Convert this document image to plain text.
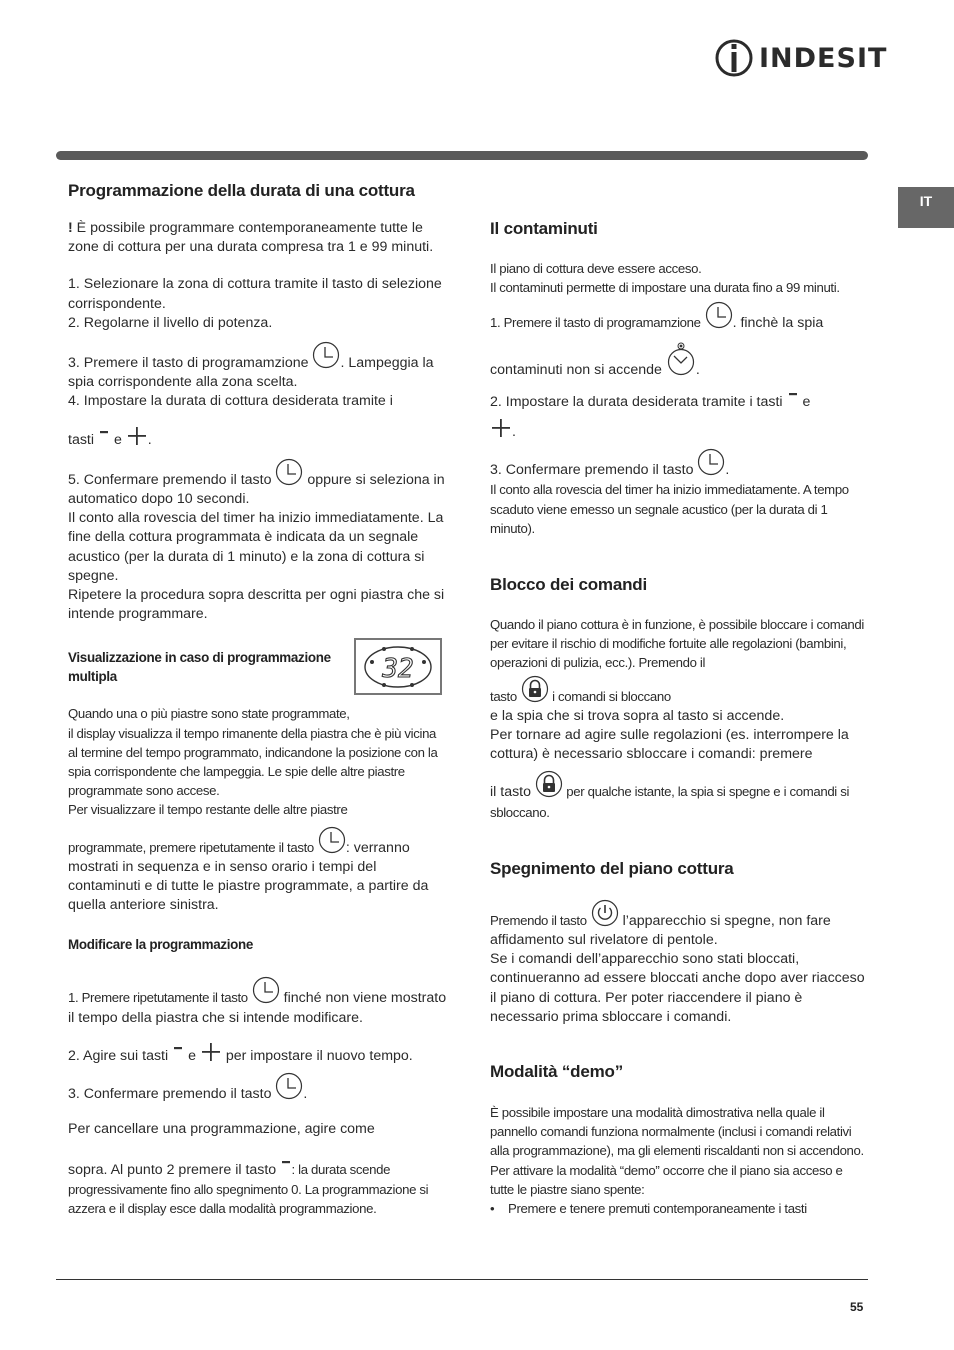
INDESIT
IT
Programmazione della durata di una cottura

! È possibile programmare contemporaneamente tutte le zone di cottura per una durata compresa tra 1 e 99 minuti.

1. Selezionare la zona di cottura tramite il tasto di selezione corrispondente.

2. Regolarne il livello di potenza.

3. Premere il tasto di programamzione . Lampeggia la spia corrispondente alla zona scelta.

4. Impostare la durata di cottura desiderata tramite i

tasti e .

5. Confermare premendo il tasto
oppure si seleziona in automatico dopo 10 secondi.

Il conto alla rovescia del timer ha inizio immediatamente. La fine della cottura programmata è indicata da un segnale acustico (per la durata di 1 minuto) e la zona di cottura si spegne.

Ripetere la procedura sopra descritta per ogni piastra che si intende programmare.

Visualizzazione in caso di programmazione multipla

Quando una o più piastre sono state programmate,

il display visualizza il tempo rimanente della piastra che è più vicina al termine del tempo programmato, indicandone la posizione con la spia corrispondente che lampeggia. Le spie delle altre piastre programmate sono accese.

Per visualizzare il tempo restante delle altre piastre

programmate, premere ripetutamente il tasto : verranno mostrati in sequenza e in senso orario i tempi del contaminuti e di tutte le piastre programmate, a partire da quella anteriore sinistra.

Modificare la programmazione

1. Premere ripetutamente il tasto
finché non viene mostrato il tempo della piastra che si intende modificare.

2. Agire sui tasti e
per impostare il nuovo tempo.

3. Confermare premendo il tasto .

Per cancellare una programmazione, agire come

sopra. Al punto 2 premere il tasto : la durata scende progressivamente fino allo spegnimento 0. La programmazione si azzera e il display esce dalla modalità programmazione.

32
Il contaminuti

Il piano di cottura deve essere acceso.

Il contaminuti permette di impostare una durata fino a 99 minuti.

1. Premere il tasto di programamzione . finchè la spia

contaminuti non si accende .

2. Impostare la durata desiderata tramite i tasti e

.

3. Confermare premendo il tasto .

Il conto alla rovescia del timer ha inizio immediatamente. A tempo scaduto viene emesso un segnale acustico (per la durata di 1 minuto).

Blocco dei comandi

Quando il piano cottura è in funzione, è possibile bloccare i comandi per evitare il rischio di modifiche fortuite alle regolazioni (bambini, operazioni di pulizia, ecc.). Premendo il

tasto
i comandi si bloccano

e la spia che si trova sopra al tasto si accende.

Per tornare ad agire sulle regolazioni (es. interrompere la cottura) è necessario sbloccare i comandi: premere

il tasto
per qualche istante, la spia si spegne e i comandi si sbloccano.

Spegnimento del piano cottura

Premendo il tasto
l’apparecchio si spegne, non fare affidamento sul rivelatore di pentole.

Se i comandi dell’apparecchio sono stati bloccati, continueranno ad essere bloccati anche dopo aver riacceso il piano di cottura. Per poter riaccendere il piano è necessario prima sbloccare i comandi.

Modalità “demo”

È possibile impostare una modalità dimostrativa nella quale il pannello comandi funziona normalmente (inclusi i comandi relativi alla programmazione), ma gli elementi riscaldanti non si accendono. Per attivare la modalità “demo” occorre che il piano sia acceso e tutte le piastre siano spente:

• Premere e tenere premuti contemporaneamente i tasti

55
